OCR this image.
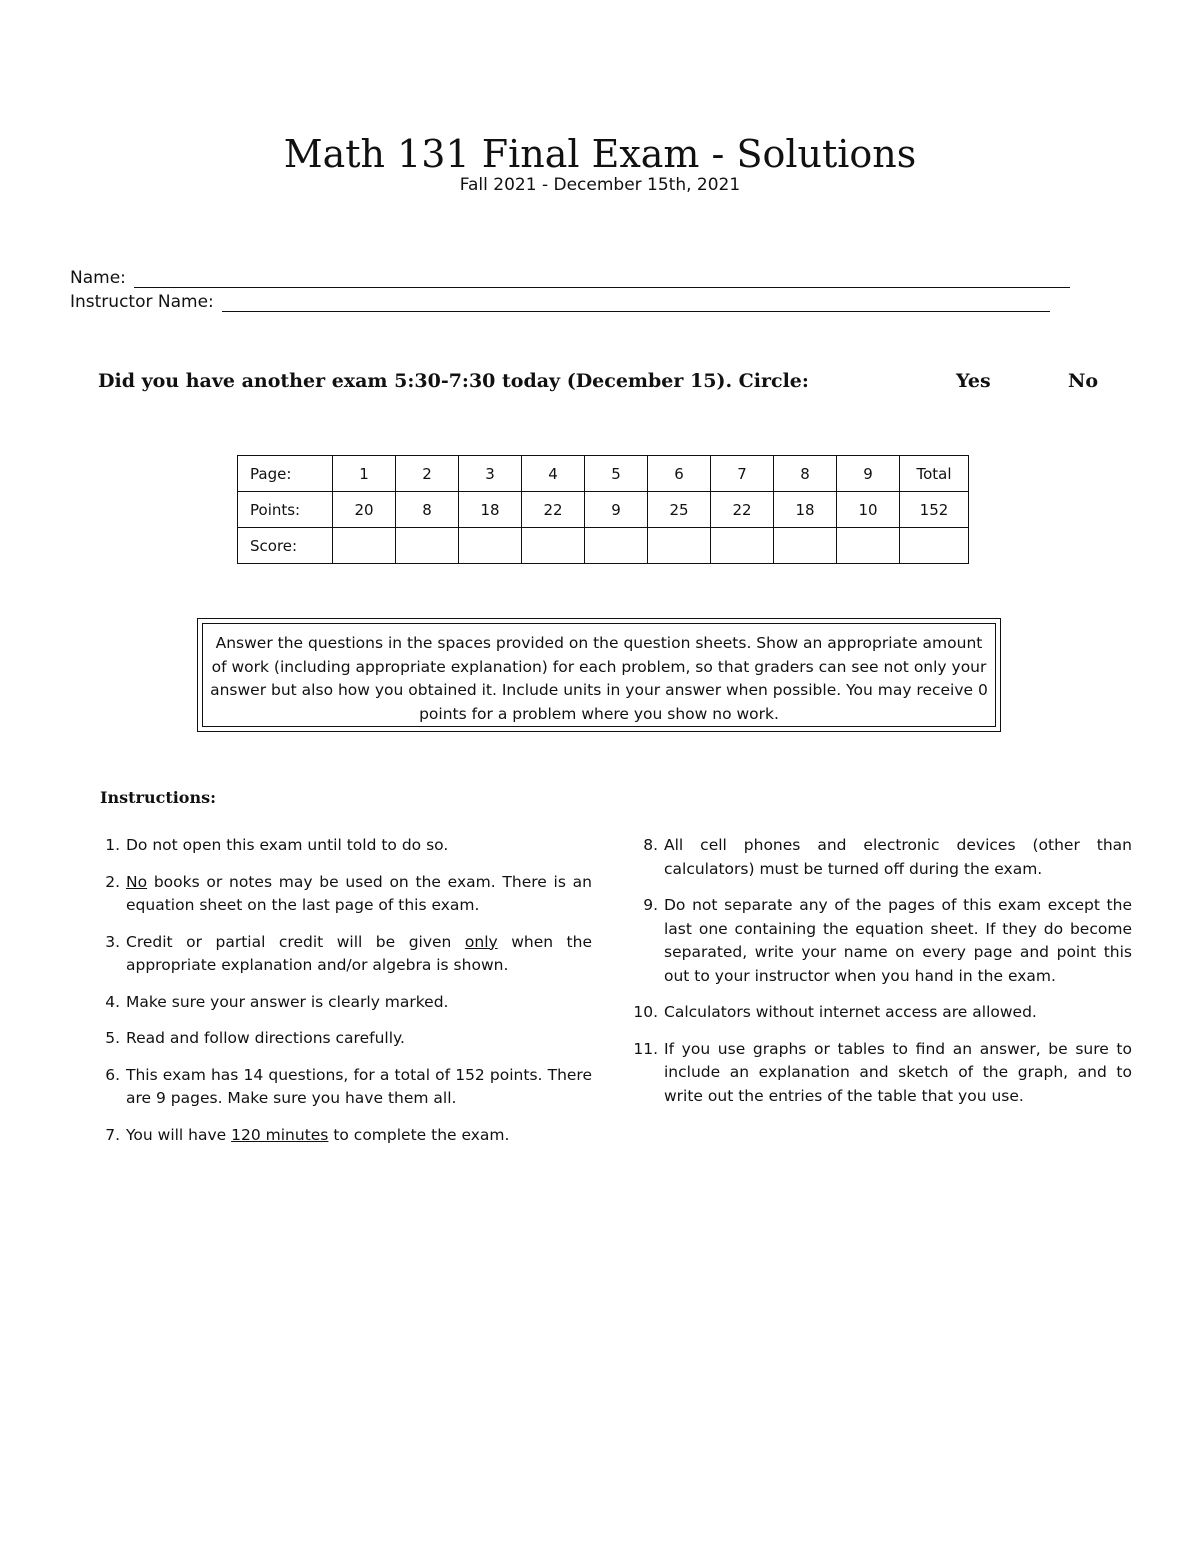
Math 131 Final Exam - Solutions
Fall 2021 - December 15th, 2021
Name:
Instructor Name:
Did you have another exam 5:30-7:30 today (December 15). Circle:	Yes	No
Page:	1	2	3	4	5	6	7	8	9	Total
Points:	20	8	18	22	9	25	22	18	10	152
Score:										
Answer the questions in the spaces provided on the question sheets. Show an appropriate amount of work (including appropriate explanation) for each problem, so that graders can see not only your answer but also how you obtained it. Include units in your answer when possible. You may receive 0 points for a problem where you show no work.
Instructions:
1. Do not open this exam until told to do so.
2. No books or notes may be used on the exam. There is an equation sheet on the last page of this exam.
3. Credit or partial credit will be given only when the appropriate explanation and/or algebra is shown.
4. Make sure your answer is clearly marked.
5. Read and follow directions carefully.
6. This exam has 14 questions, for a total of 152 points. There are 9 pages. Make sure you have them all.
7. You will have 120 minutes to complete the exam.
8. All cell phones and electronic devices (other than calculators) must be turned off during the exam.
9. Do not separate any of the pages of this exam except the last one containing the equation sheet. If they do become separated, write your name on every page and point this out to your instructor when you hand in the exam.
10. Calculators without internet access are allowed.
11. If you use graphs or tables to find an answer, be sure to include an explanation and sketch of the graph, and to write out the entries of the table that you use.
